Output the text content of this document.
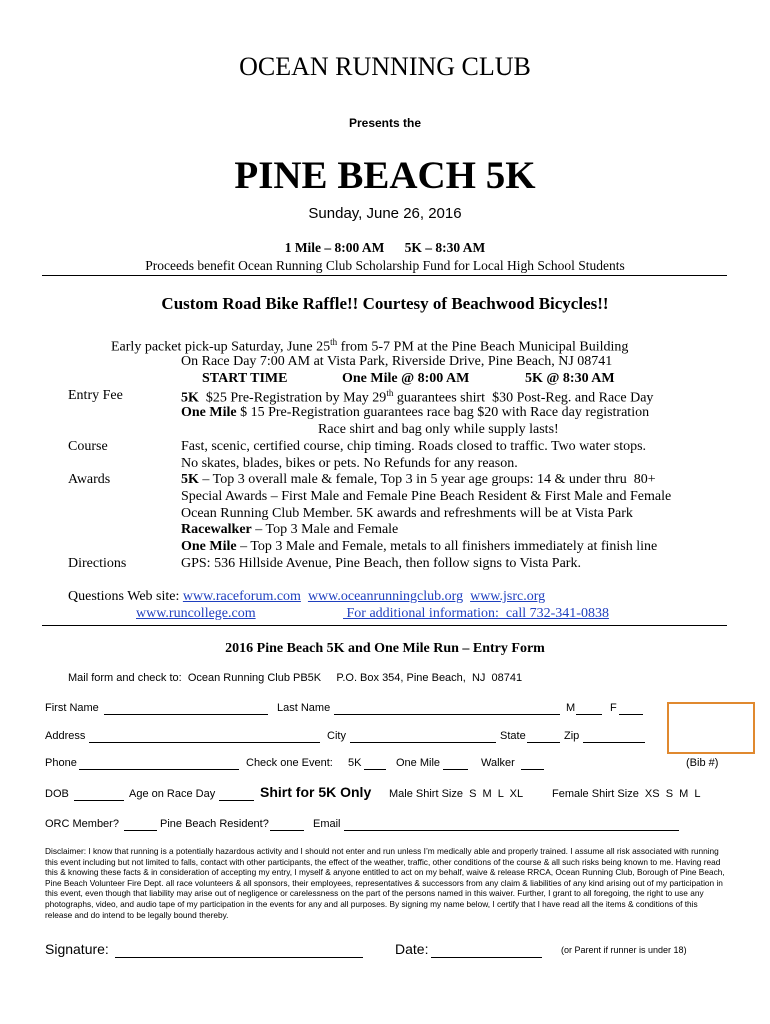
OCEAN RUNNING CLUB
Presents the
PINE BEACH 5K
Sunday, June 26, 2016
1 Mile – 8:00 AM      5K – 8:30 AM
Proceeds benefit Ocean Running Club Scholarship Fund for Local High School Students
Custom Road Bike Raffle!! Courtesy of Beachwood Bicycles!!
Early packet pick-up Saturday, June 25th from 5-7 PM at the Pine Beach Municipal Building
On Race Day 7:00 AM at Vista Park, Riverside Drive, Pine Beach, NJ 08741
START TIME	One Mile @ 8:00 AM	5K @ 8:30 AM
Entry Fee	5K  $25 Pre-Registration by May 29th guarantees shirt  $30 Post-Reg. and Race Day
One Mile $ 15 Pre-Registration guarantees race bag $20 with Race day registration
Race shirt and bag only while supply lasts!
Course	Fast, scenic, certified course, chip timing. Roads closed to traffic. Two water stops.
No skates, blades, bikes or pets. No Refunds for any reason.
Awards	5K – Top 3 overall male & female, Top 3 in 5 year age groups: 14 & under thru  80+
Special Awards – First Male and Female Pine Beach Resident & First Male and Female
Ocean Running Club Member. 5K awards and refreshments will be at Vista Park
Racewalker – Top 3 Male and Female
One Mile – Top 3 Male and Female, metals to all finishers immediately at finish line
Directions	GPS: 536 Hillside Avenue, Pine Beach, then follow signs to Vista Park.
Questions Web site: www.raceforum.com www.oceanrunningclub.org www.jsrc.org
www.runcollege.com	For additional information:  call 732-341-0838
2016 Pine Beach 5K and One Mile Run – Entry Form
Mail form and check to:  Ocean Running Club PB5K     P.O. Box 354, Pine Beach,  NJ  08741
First Name	Last Name	M	F
Address	City	State	Zip
Phone	Check one Event: 5K	One Mile	Walker	(Bib #)
DOB	Age on Race Day	Shirt for 5K Only Male Shirt Size  S  M  L  XL	Female Shirt Size  XS  S  M  L
ORC Member?	Pine Beach Resident?	Email
Disclaimer: I know that running is a potentially hazardous activity and I should not enter and run unless I’m medically able and properly trained. I assume all risk associated with running
this event including but not limited to falls, contact with other participants, the effect of the weather, traffic, other conditions of the course & all such risks being known to me. Having read
this & knowing these facts & in consideration of accepting my entry, I myself & anyone entitled to act on my behalf, waive & release RRCA, Ocean Running Club, Borough of Pine Beach,
Pine Beach Volunteer Fire Dept. all race volunteers & all sponsors, their employees, representatives & successors from any claim & liabilities of any kind arising out of my participation in
this event, even though that liability may arise out of negligence or carelessness on the part of the persons named in this waiver. Further, I grant to all foregoing, the right to use any
photographs, video, and audio tape of my participation in the events for any and all purposes. By signing my name below, I certify that I have read all the items & conditions of this
release and do intend to be legally bound thereby.
Signature:	Date:	(or Parent if runner is under 18)
